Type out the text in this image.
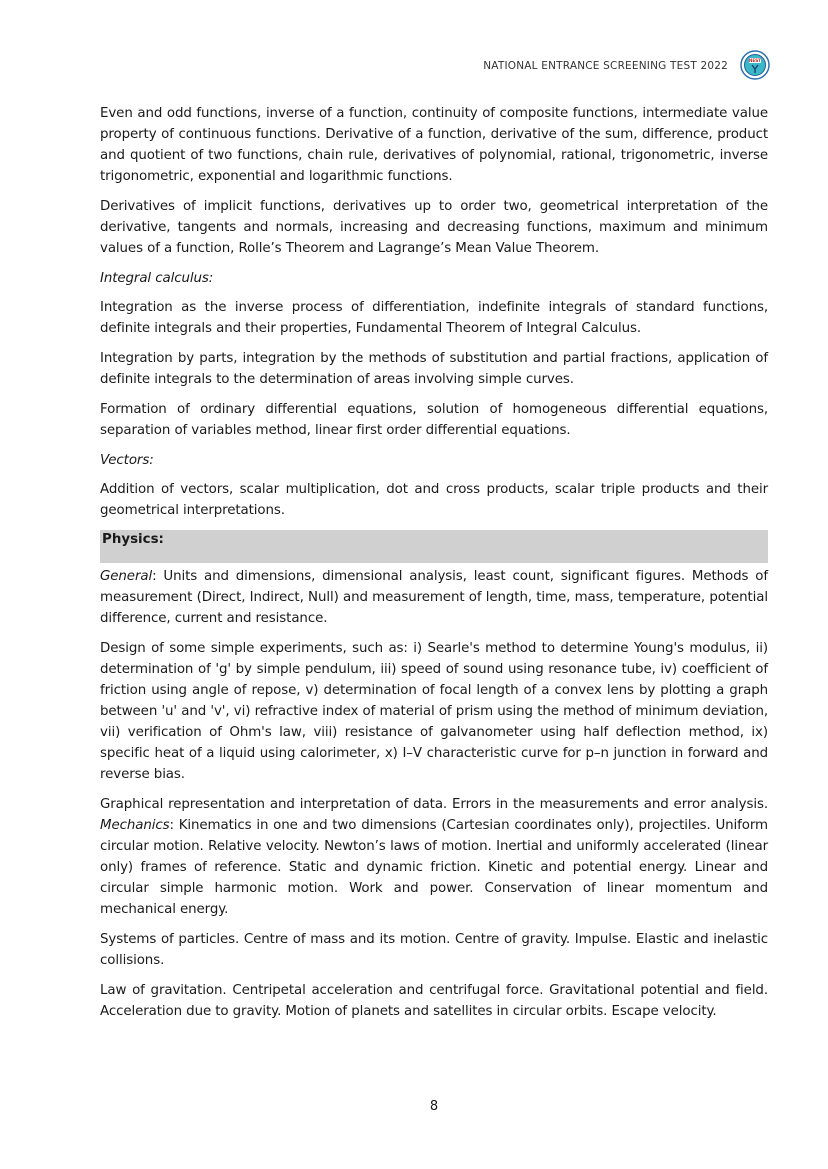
NATIONAL ENTRANCE SCREENING TEST 2022	NEST

Even and odd functions, inverse of a function, continuity of composite functions, intermediate value property of continuous functions. Derivative of a function, derivative of the sum, difference, product and quotient of two functions, chain rule, derivatives of polynomial, rational, trigonometric, inverse trigonometric, exponential and logarithmic functions.

Derivatives of implicit functions, derivatives up to order two, geometrical interpretation of the derivative, tangents and normals, increasing and decreasing functions, maximum and minimum values of a function, Rolle’s Theorem and Lagrange’s Mean Value Theorem.

Integral calculus:

Integration as the inverse process of differentiation, indefinite integrals of standard functions, definite integrals and their properties, Fundamental Theorem of Integral Calculus.

Integration by parts, integration by the methods of substitution and partial fractions, application of definite integrals to the determination of areas involving simple curves.

Formation of ordinary differential equations, solution of homogeneous differential equations, separation of variables method, linear first order differential equations.

Vectors:

Addition of vectors, scalar multiplication, dot and cross products, scalar triple products and their geometrical interpretations.

Physics:

General: Units and dimensions, dimensional analysis, least count, significant figures. Methods of measurement (Direct, Indirect, Null) and measurement of length, time, mass, temperature, potential difference, current and resistance.

Design of some simple experiments, such as: i) Searle's method to determine Young's modulus, ii) determination of 'g' by simple pendulum, iii) speed of sound using resonance tube, iv) coefficient of friction using angle of repose, v) determination of focal length of a convex lens by plotting a graph between 'u' and 'v', vi) refractive index of material of prism using the method of minimum deviation, vii) verification of Ohm's law, viii) resistance of galvanometer using half deflection method, ix) specific heat of a liquid using calorimeter, x) I–V characteristic curve for p–n junction in forward and reverse bias.

Graphical representation and interpretation of data. Errors in the measurements and error analysis. Mechanics: Kinematics in one and two dimensions (Cartesian coordinates only), projectiles. Uniform circular motion. Relative velocity. Newton’s laws of motion. Inertial and uniformly accelerated (linear only) frames of reference. Static and dynamic friction. Kinetic and potential energy. Linear and circular simple harmonic motion. Work and power. Conservation of linear momentum and mechanical energy.

Systems of particles. Centre of mass and its motion. Centre of gravity. Impulse. Elastic and inelastic collisions.

Law of gravitation. Centripetal acceleration and centrifugal force. Gravitational potential and field. Acceleration due to gravity. Motion of planets and satellites in circular orbits. Escape velocity.

8
